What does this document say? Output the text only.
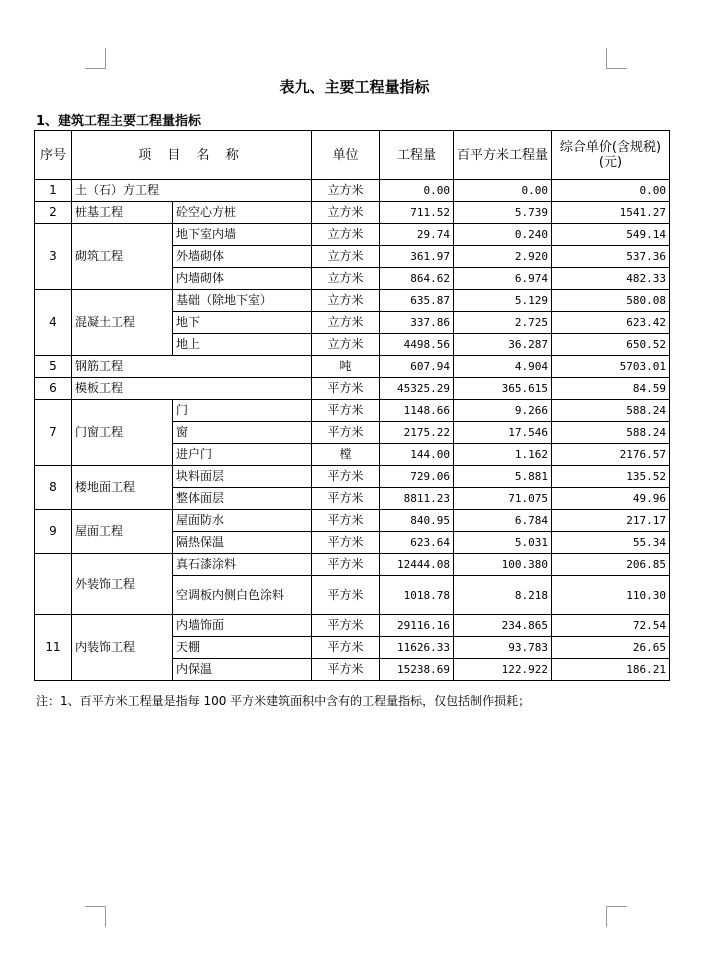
表九、主要工程量指标
1、建筑工程主要工程量指标
序号	项 目 名 称		单位	工程量	百平方米工程量	综合单价(含规税)(元)
1	土（石）方工程		立方米	0.00	0.00	0.00
2	桩基工程	砼空心方桩	立方米	711.52	5.739	1541.27
3	砌筑工程	地下室内墙	立方米	29.74	0.240	549.14
		外墙砌体	立方米	361.97	2.920	537.36
		内墙砌体	立方米	864.62	6.974	482.33
4	混凝土工程	基础（除地下室）	立方米	635.87	5.129	580.08
		地下	立方米	337.86	2.725	623.42
		地上	立方米	4498.56	36.287	650.52
5	钢筋工程		吨	607.94	4.904	5703.01
6	模板工程		平方米	45325.29	365.615	84.59
7	门窗工程	门	平方米	1148.66	9.266	588.24
		窗	平方米	2175.22	17.546	588.24
		进户门	樘	144.00	1.162	2176.57
8	楼地面工程	块料面层	平方米	729.06	5.881	135.52
		整体面层	平方米	8811.23	71.075	49.96
9	屋面工程	屋面防水	平方米	840.95	6.784	217.17
		隔热保温	平方米	623.64	5.031	55.34
	外装饰工程	真石漆涂料	平方米	12444.08	100.380	206.85
		空调板内侧白色涂料	平方米	1018.78	8.218	110.30
11	内装饰工程	内墙饰面	平方米	29116.16	234.865	72.54
		天棚	平方米	11626.33	93.783	26.65
		内保温	平方米	15238.69	122.922	186.21
注：1、百平方米工程量是指每 100 平方米建筑面积中含有的工程量指标，仅包括制作损耗；
